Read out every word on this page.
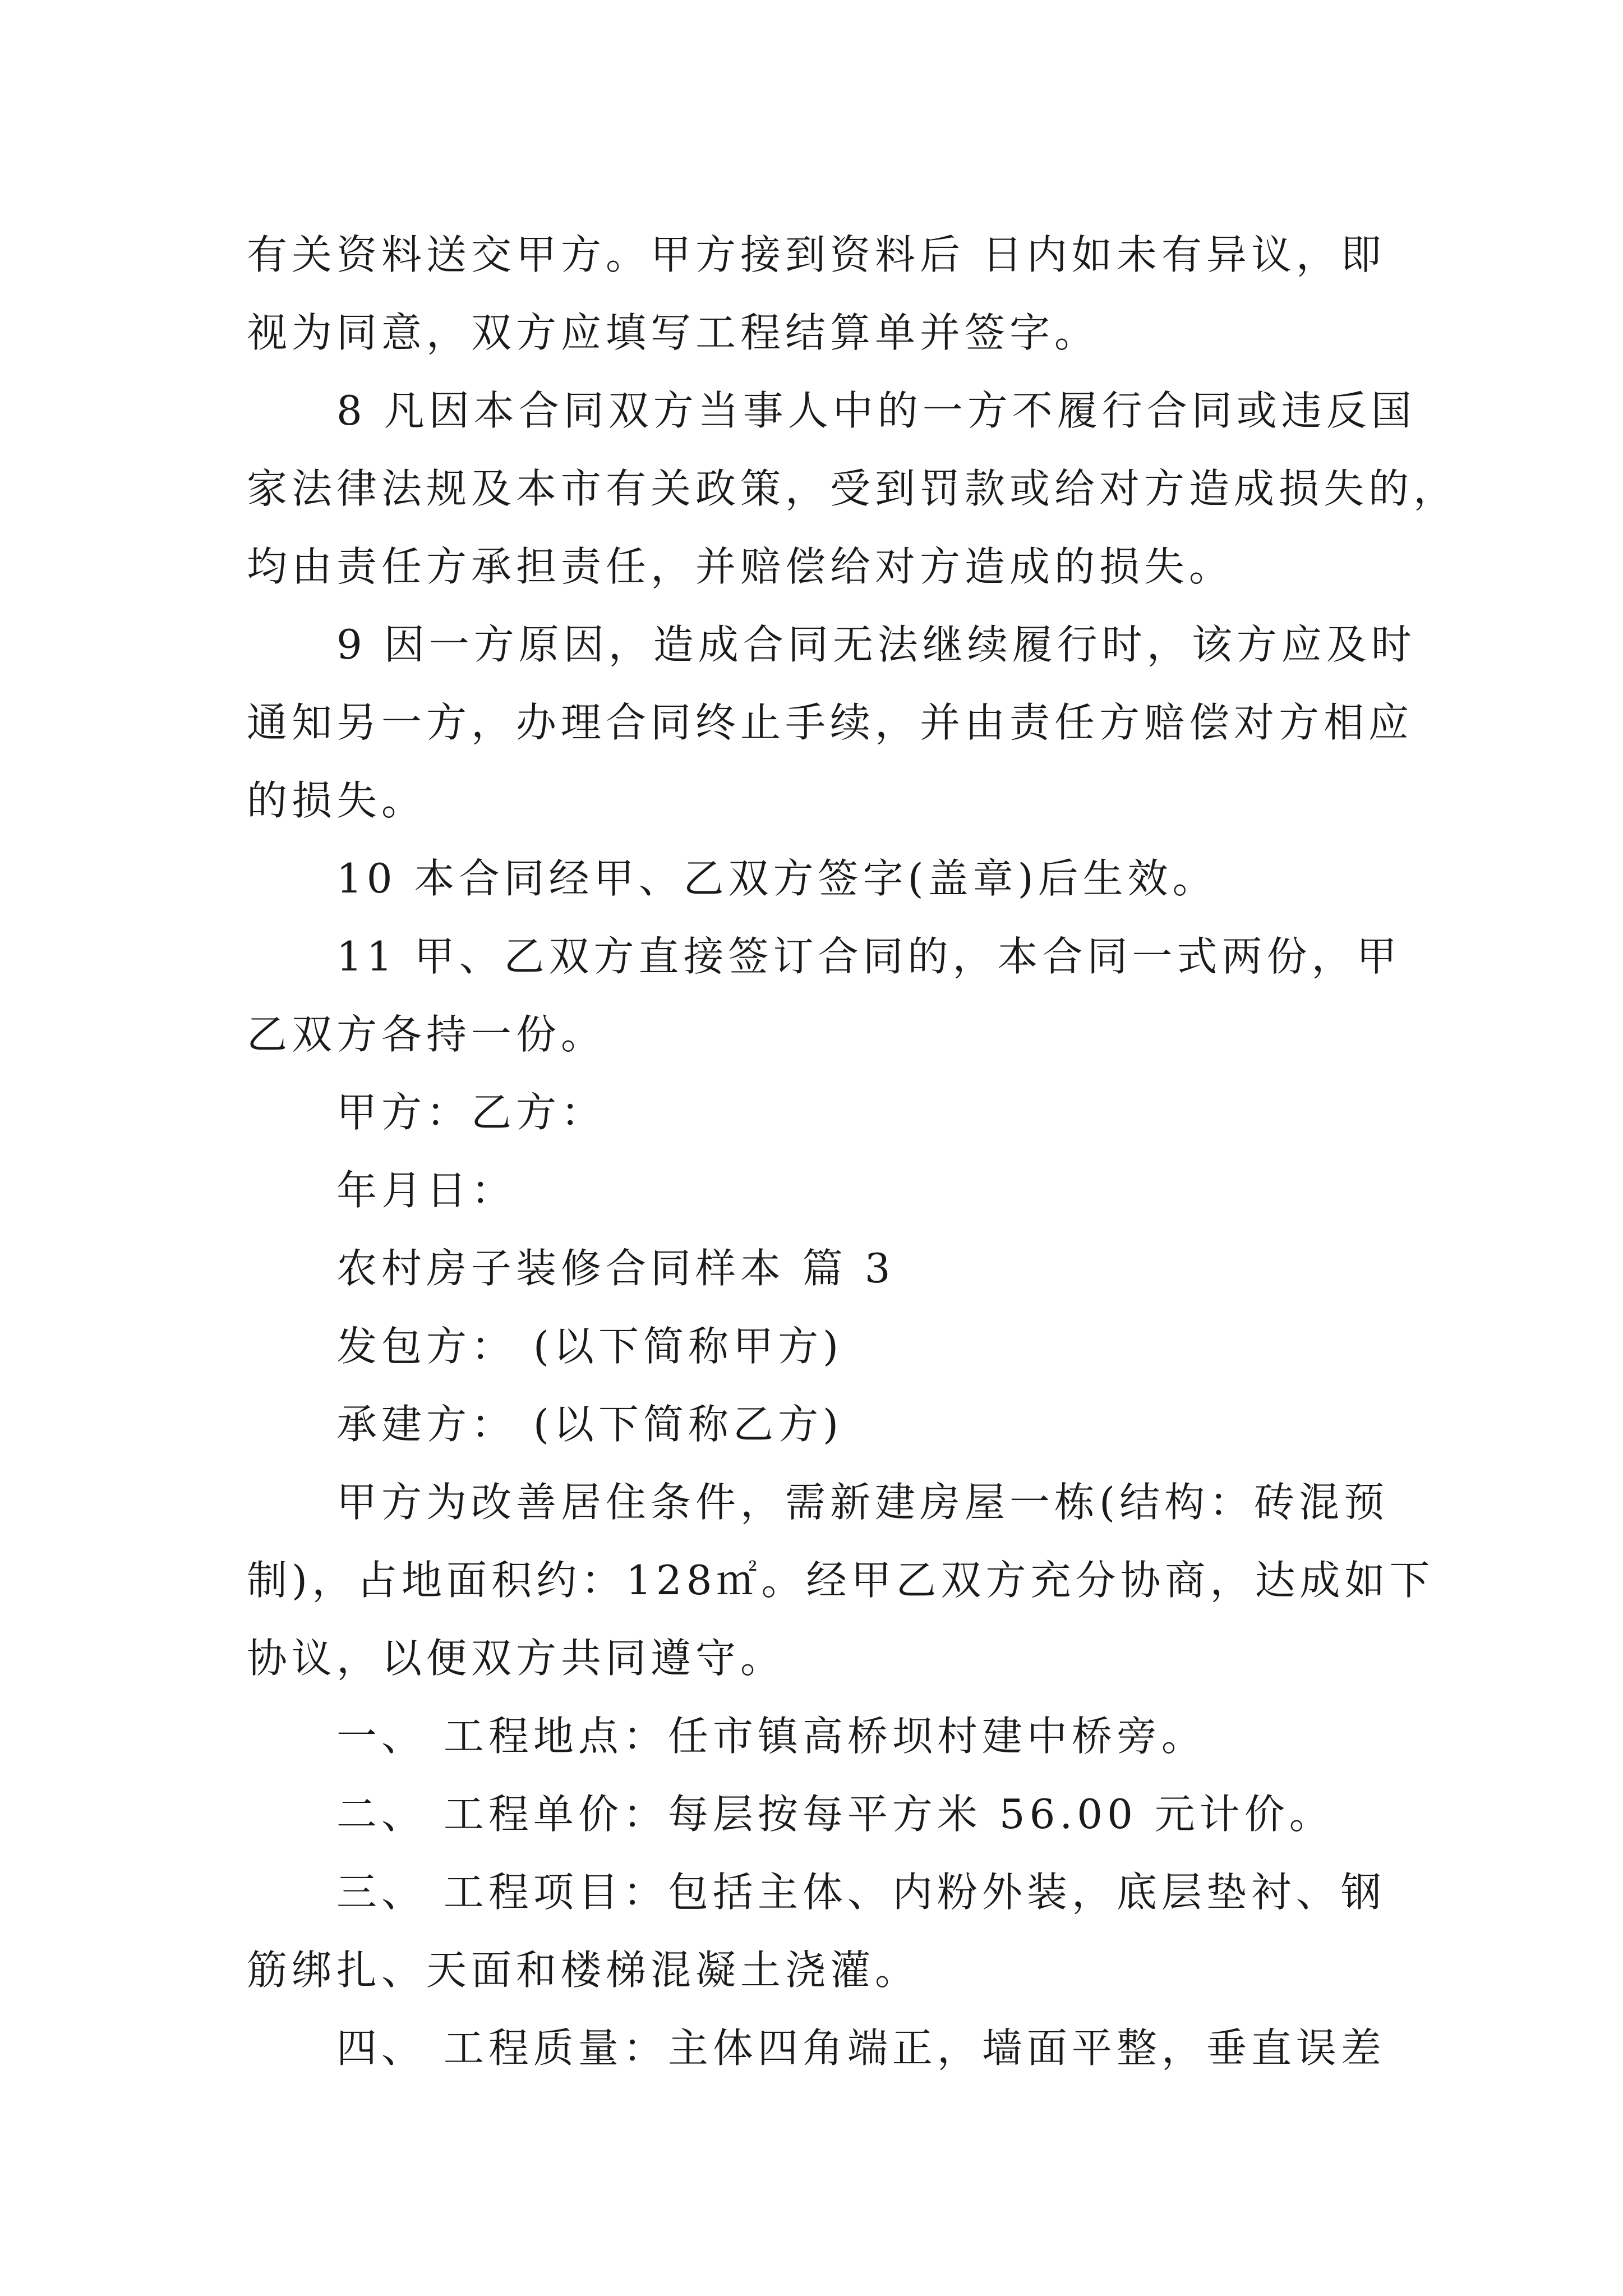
有关资料送交甲方。甲方接到资料后 日内如未有异议，即
视为同意，双方应填写工程结算单并签字。

8 凡因本合同双方当事人中的一方不履行合同或违反国
家法律法规及本市有关政策，受到罚款或给对方造成损失的，
均由责任方承担责任，并赔偿给对方造成的损失。

9 因一方原因，造成合同无法继续履行时，该方应及时
通知另一方，办理合同终止手续，并由责任方赔偿对方相应
的损失。

10 本合同经甲、乙双方签字(盖章)后生效。

11 甲、乙双方直接签订合同的，本合同一式两份，甲
乙双方各持一份。

甲方：乙方：

年月日：

农村房子装修合同样本 篇 3

发包方： (以下简称甲方)

承建方： (以下简称乙方)

甲方为改善居住条件，需新建房屋一栋(结构：砖混预
制)，占地面积约：128㎡。经甲乙双方充分协商，达成如下
协议，以便双方共同遵守。

一、 工程地点：任市镇高桥坝村建中桥旁。

二、 工程单价：每层按每平方米 56.00 元计价。

三、 工程项目：包括主体、内粉外装，底层垫衬、钢
筋绑扎、天面和楼梯混凝土浇灌。

四、 工程质量：主体四角端正，墙面平整，垂直误差
